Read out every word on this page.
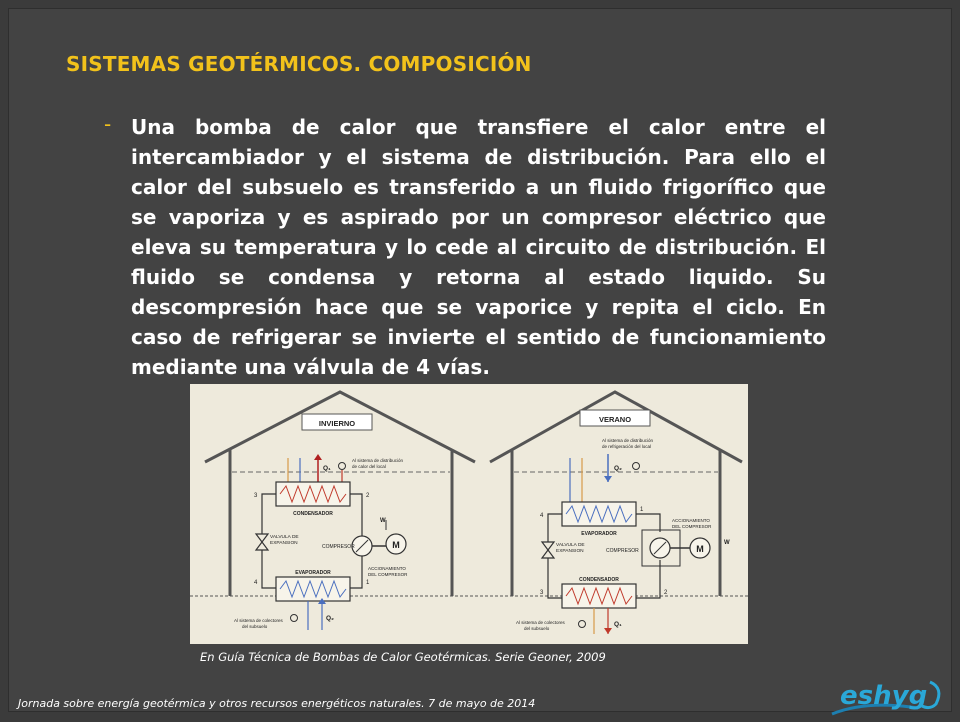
SISTEMAS GEOTÉRMICOS. COMPOSICIÓN
- Una bomba de calor que transfiere el calor entre el intercambiador y el sistema de distribución. Para ello el calor del subsuelo es transferido a un fluido frigorífico que se vaporiza y es aspirado por un compresor eléctrico que eleva su temperatura y lo cede al circuito de distribución. El fluido se condensa y retorna al estado liquido. Su descompresión hace que se vaporice y repita el ciclo. En caso de refrigerar se invierte el sentido de funcionamiento mediante una válvula de 4 vías.
INVIERNO
Q₁
Al sistema de distribución
de calor del local
CONDENSADOR
VALVULA DE
EXPANSION
COMPRESOR	M
W
ACCIONAMIENTO
DEL COMPRESOR
EVAPORADOR
3	2
4	1
Q₂
Al sistema de colectores
del subsuelo
VERANO
Q₂
Al sistema de distribución
de refrigeración del local
EVAPORADOR
VALVULA DE
EXPANSION	COMPRESOR	M
W
ACCIONAMIENTO
DEL COMPRESOR
CONDENSADOR
4
1
3	2
Q₁
Al sistema de colectores
del subsuelo
En Guía Técnica de Bombas de Calor Geotérmicas. Serie Geoner, 2009
Jornada sobre energía geotérmica y otros recursos energéticos naturales. 7 de mayo de 2014	eshyg
